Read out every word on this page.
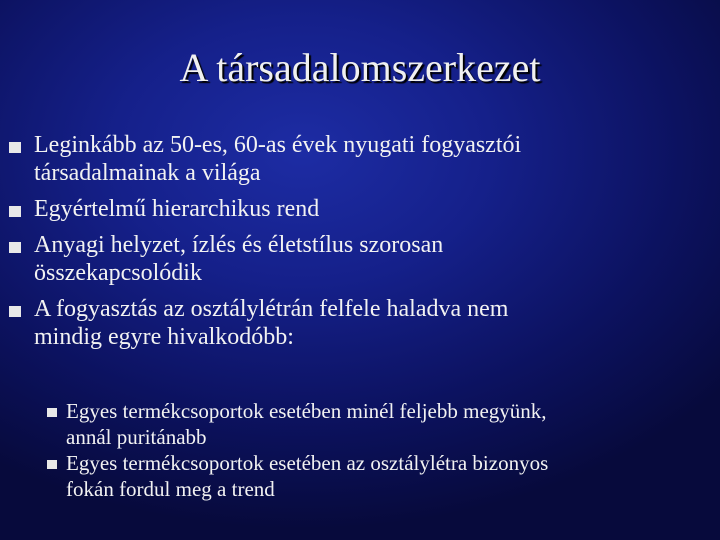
A társadalomszerkezet
Leginkább az 50-es, 60-as évek nyugati fogyasztói
társadalmainak a világa
Egyértelmű hierarchikus rend
Anyagi helyzet, ízlés és életstílus szorosan
összekapcsolódik
A fogyasztás az osztálylétrán felfele haladva nem
mindig egyre hivalkodóbb:
Egyes termékcsoportok esetében minél feljebb megyünk,
annál puritánabb
Egyes termékcsoportok esetében az osztálylétra bizonyos
fokán fordul meg a trend
